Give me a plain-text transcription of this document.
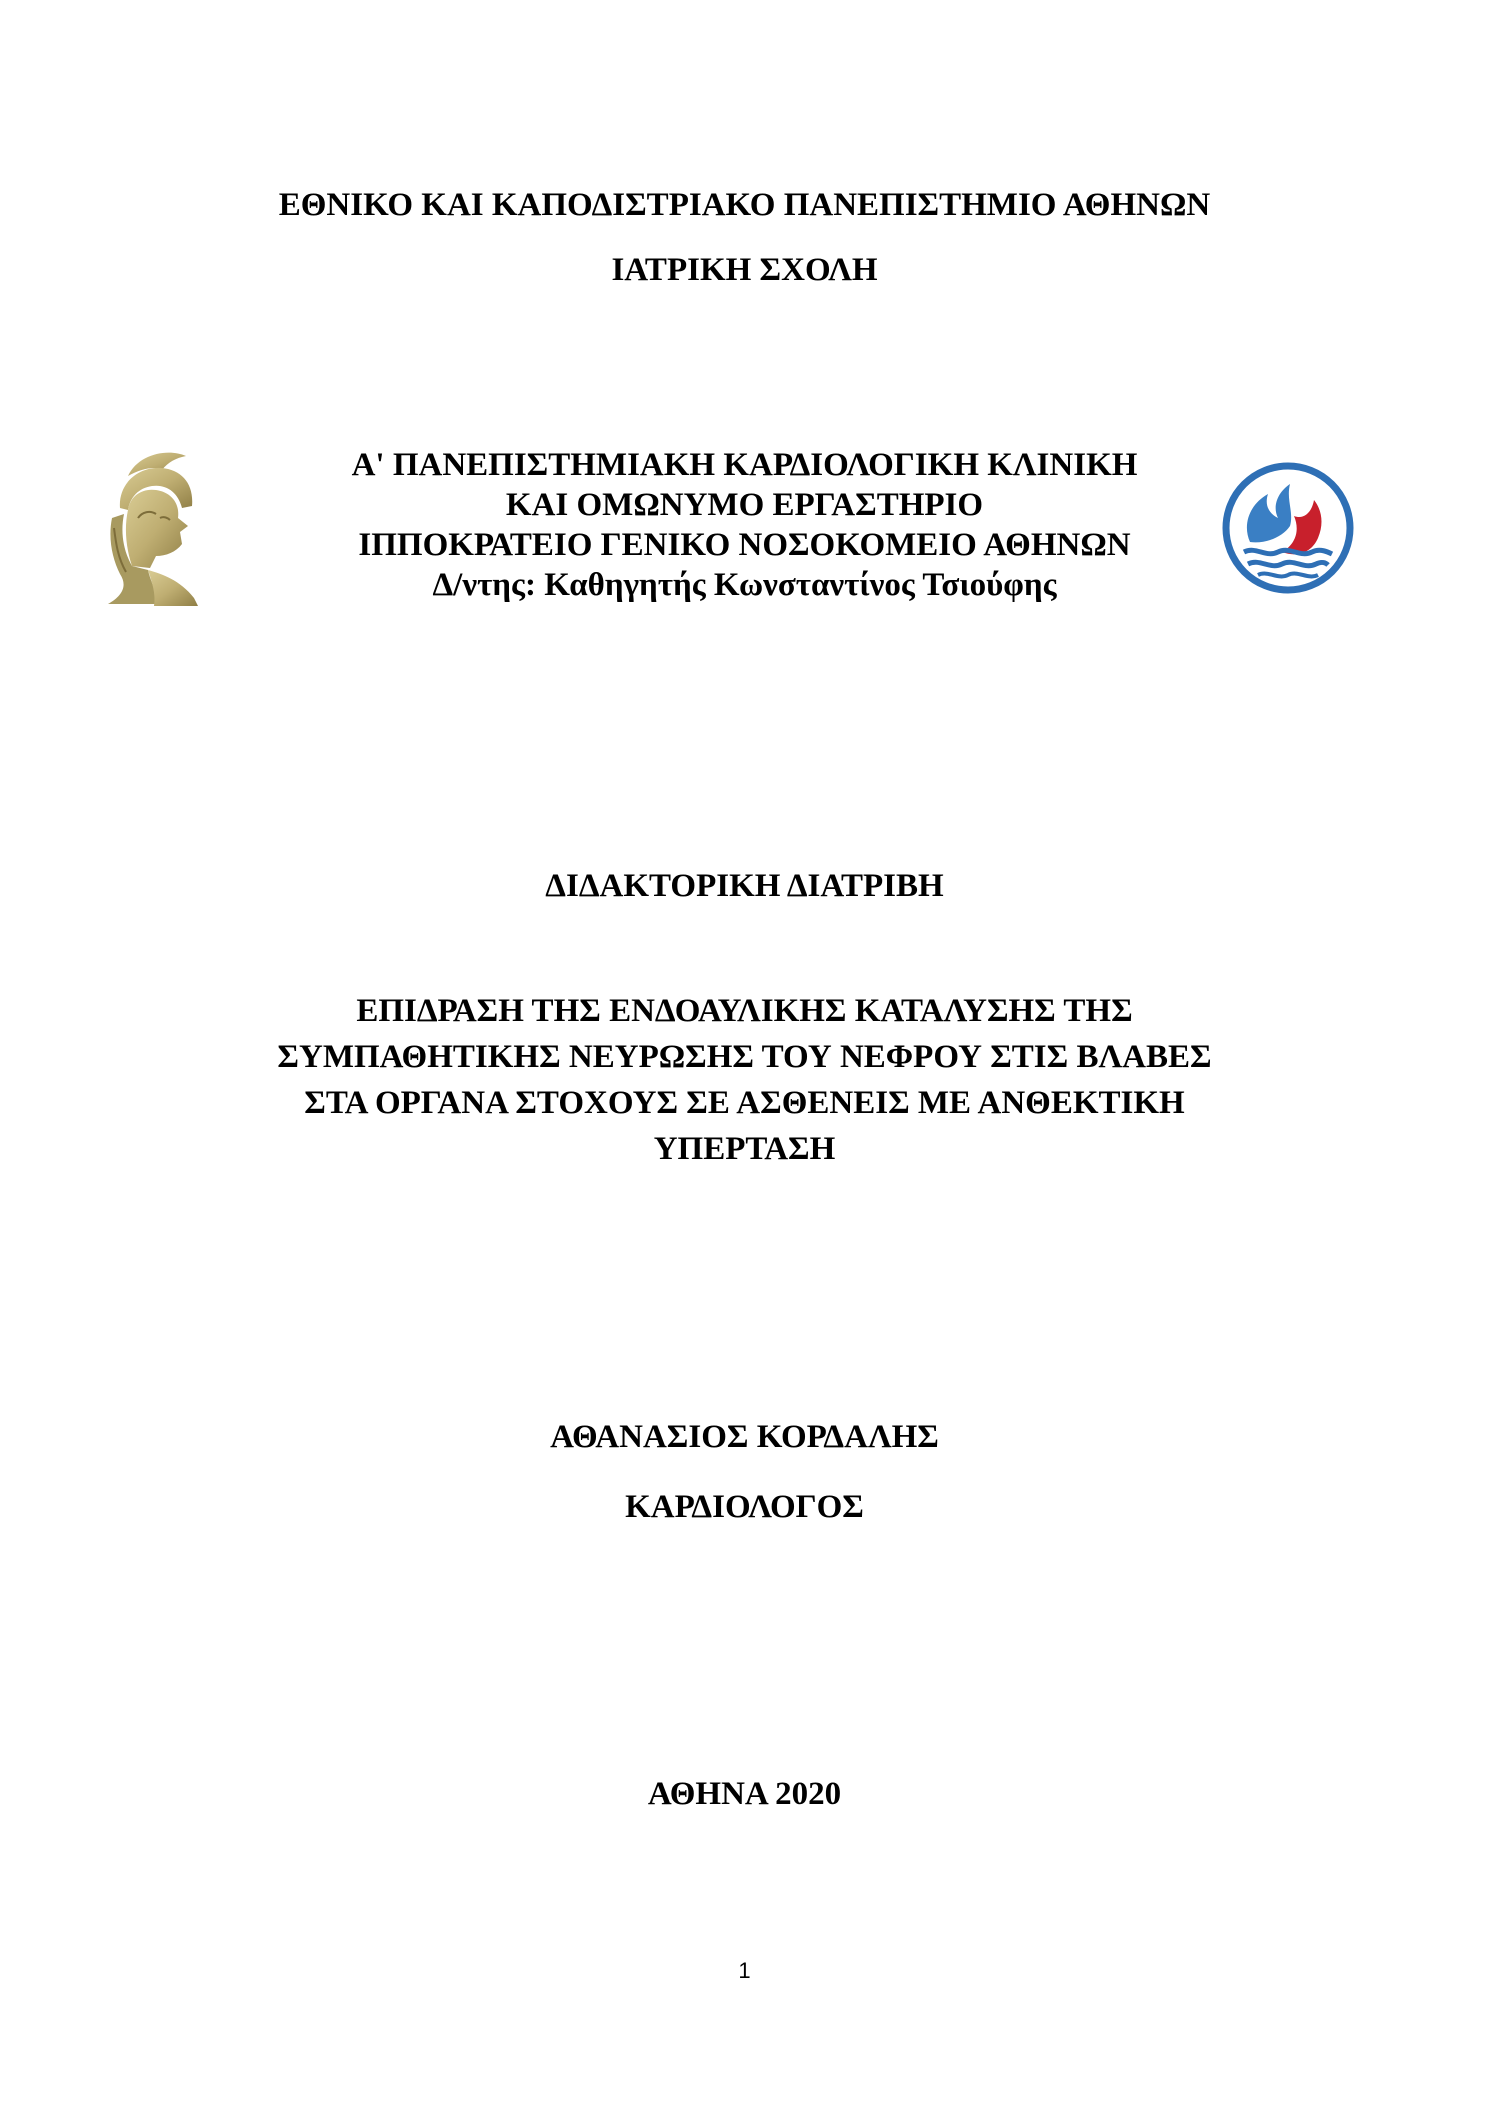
ΕΘΝΙΚΟ ΚΑΙ ΚΑΠΟΔΙΣΤΡΙΑΚΟ ΠΑΝΕΠΙΣΤΗΜΙΟ ΑΘΗΝΩΝ
ΙΑΤΡΙΚΗ ΣΧΟΛΗ
Α' ΠΑΝΕΠΙΣΤΗΜΙΑΚΗ ΚΑΡΔΙΟΛΟΓΙΚΗ ΚΛΙΝΙΚΗ
ΚΑΙ ΟΜΩΝΥΜΟ ΕΡΓΑΣΤΗΡΙΟ
ΙΠΠΟΚΡΑΤΕΙΟ ΓΕΝΙΚΟ ΝΟΣΟΚΟΜΕΙΟ ΑΘΗΝΩΝ
Δ/ντης: Καθηγητής Κωνσταντίνος Τσιούφης
ΔΙΔΑΚΤΟΡΙΚΗ ΔΙΑΤΡΙΒΗ
ΕΠΙΔΡΑΣΗ ΤΗΣ ΕΝΔΟΑΥΛΙΚΗΣ ΚΑΤΑΛΥΣΗΣ ΤΗΣ
ΣΥΜΠΑΘΗΤΙΚΗΣ ΝΕΥΡΩΣΗΣ ΤΟΥ ΝΕΦΡΟΥ ΣΤΙΣ ΒΛΑΒΕΣ
ΣΤΑ ΟΡΓΑΝΑ ΣΤΟΧΟΥΣ ΣΕ ΑΣΘΕΝΕΙΣ ΜΕ ΑΝΘΕΚΤΙΚΗ
ΥΠΕΡΤΑΣΗ
ΑΘΑΝΑΣΙΟΣ ΚΟΡΔΑΛΗΣ
ΚΑΡΔΙΟΛΟΓΟΣ
ΑΘΗΝΑ 2020
1
